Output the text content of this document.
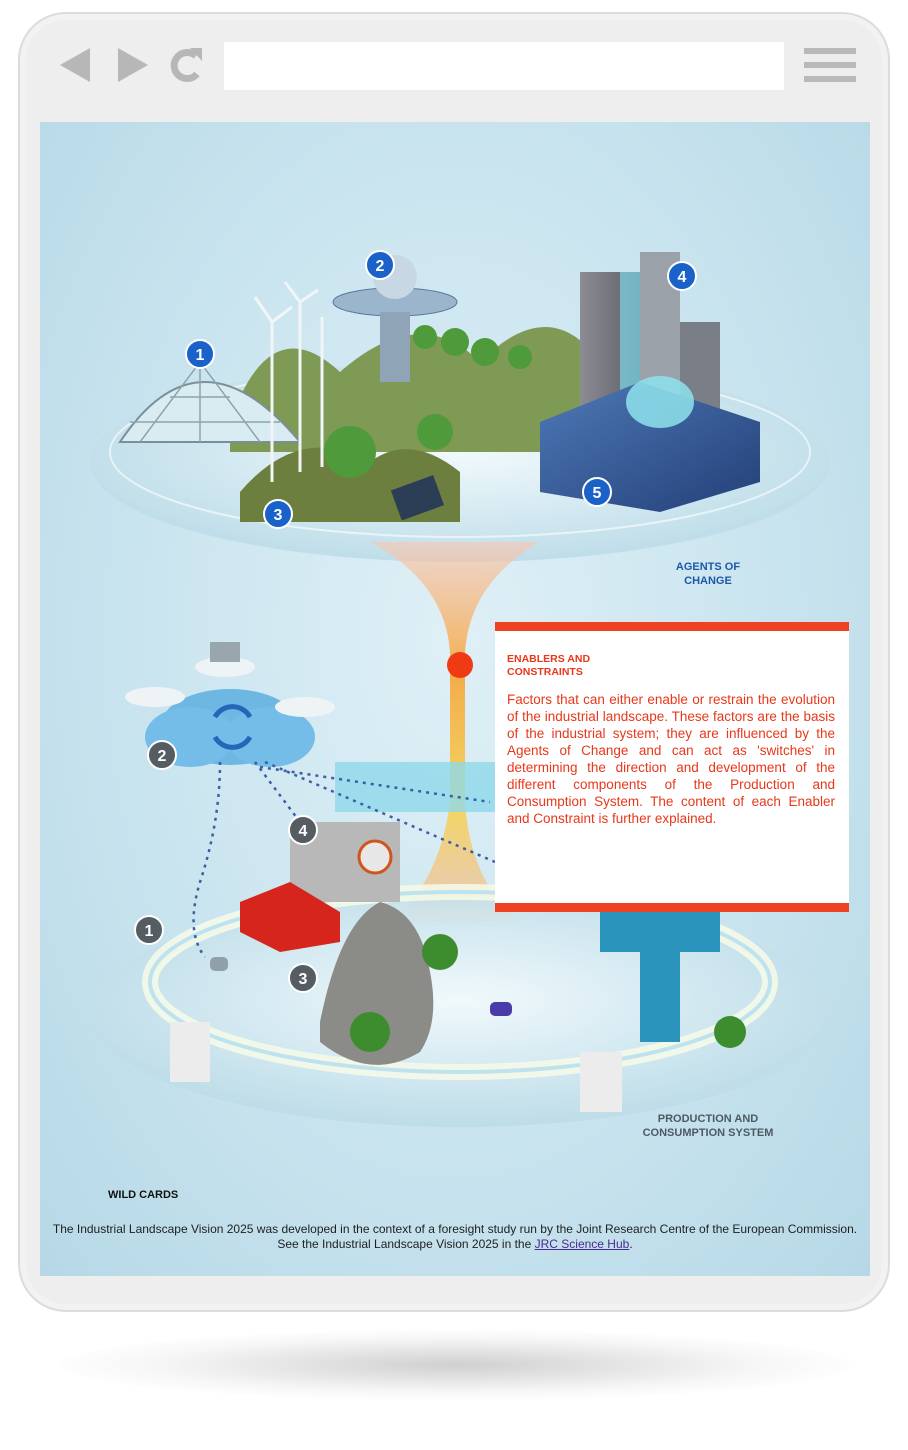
1
2
3
4
5
1
2
3
4
AGENTS OF CHANGE
PRODUCTION AND CONSUMPTION SYSTEM
WILD CARDS
ENABLERS AND CONSTRAINTS
Factors that can either enable or restrain the evolution of the industrial landscape. These factors are the basis of the industrial system; they are influenced by the Agents of Change and can act as 'switches' in determining the direction and development of the different components of the Production and Consumption System. The content of each Enabler and Constraint is further explained.
The Industrial Landscape Vision 2025 was developed in the context of a foresight study run by the Joint Research Centre of the European Commission.
See the Industrial Landscape Vision 2025 in the JRC Science Hub.
